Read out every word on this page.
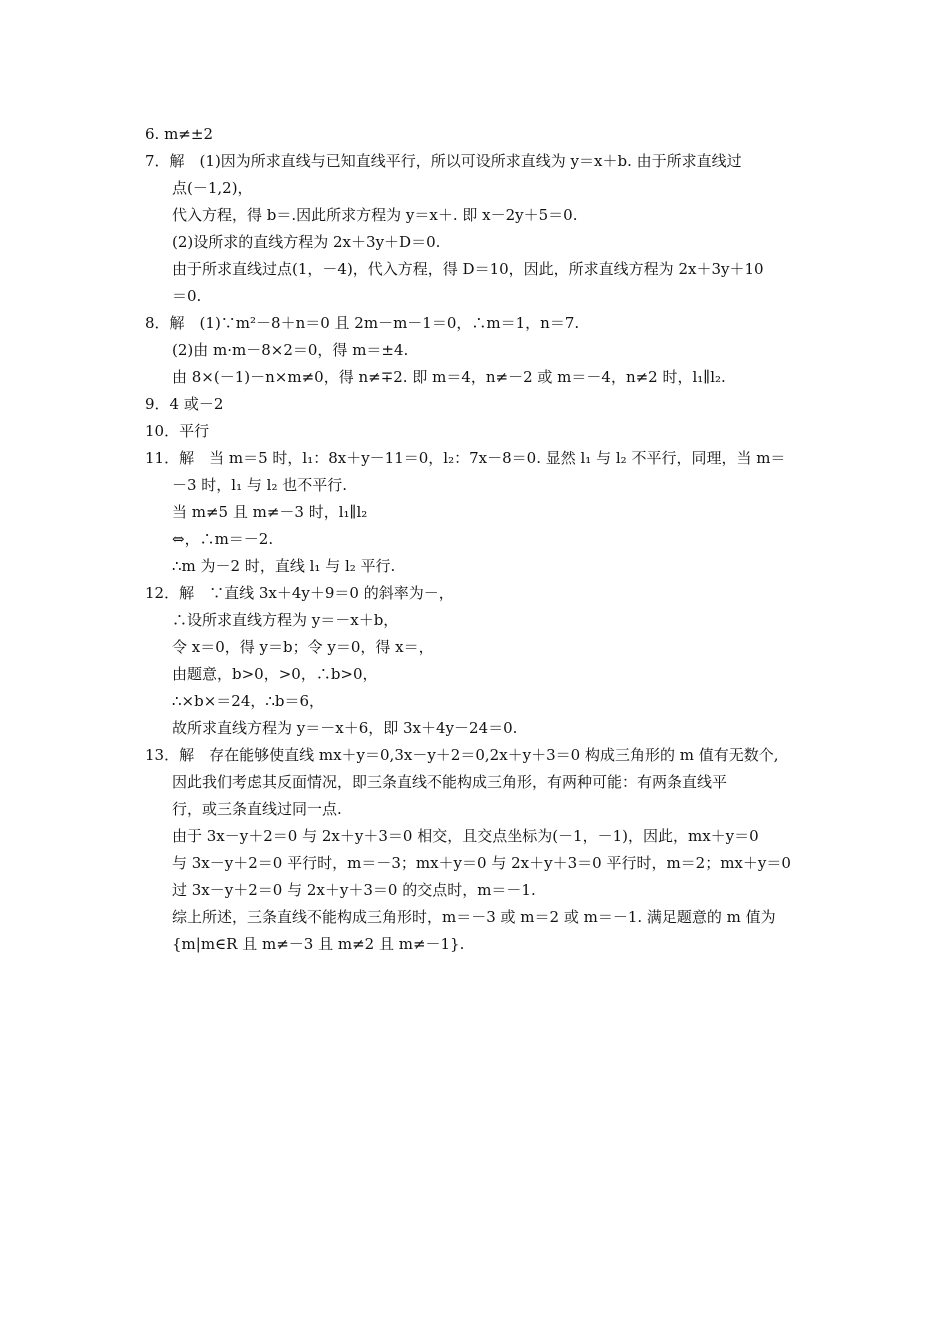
6. m≠±2
7．解　(1)因为所求直线与已知直线平行，所以可设所求直线为 y＝x＋b. 由于所求直线过
点(－1,2)，
代入方程，得 b＝.因此所求方程为 y＝x＋. 即 x－2y＋5＝0.
(2)设所求的直线方程为 2x＋3y＋D＝0.
由于所求直线过点(1，－4)，代入方程，得 D＝10，因此，所求直线方程为 2x＋3y＋10
＝0.
8．解　(1)∵m²－8＋n＝0 且 2m－m－1＝0，∴m＝1，n＝7.
(2)由 m·m－8×2＝0，得 m＝±4.
由 8×(－1)－n×m≠0，得 n≠∓2. 即 m＝4，n≠－2 或 m＝－4，n≠2 时，l₁∥l₂.
9．4 或－2
10．平行
11．解　当 m＝5 时，l₁：8x＋y－11＝0，l₂：7x－8＝0. 显然 l₁ 与 l₂ 不平行，同理，当 m＝
－3 时，l₁ 与 l₂ 也不平行.
当 m≠5 且 m≠－3 时，l₁∥l₂
⇔，∴m＝－2.
∴m 为－2 时，直线 l₁ 与 l₂ 平行.
12．解　∵直线 3x＋4y＋9＝0 的斜率为－，
∴设所求直线方程为 y＝－x＋b，
令 x＝0，得 y＝b；令 y＝0，得 x＝，
由题意，b>0，>0，∴b>0，
∴×b×＝24，∴b＝6，
故所求直线方程为 y＝－x＋6，即 3x＋4y－24＝0.
13．解　存在能够使直线 mx＋y＝0,3x－y＋2＝0,2x＋y＋3＝0 构成三角形的 m 值有无数个,
因此我们考虑其反面情况，即三条直线不能构成三角形，有两种可能：有两条直线平
行，或三条直线过同一点.
由于 3x－y＋2＝0 与 2x＋y＋3＝0 相交，且交点坐标为(－1，－1)，因此，mx＋y＝0
与 3x－y＋2＝0 平行时，m＝－3；mx＋y＝0 与 2x＋y＋3＝0 平行时，m＝2；mx＋y＝0
过 3x－y＋2＝0 与 2x＋y＋3＝0 的交点时，m＝－1.
综上所述，三条直线不能构成三角形时，m＝－3 或 m＝2 或 m＝－1. 满足题意的 m 值为
{m|m∈R 且 m≠－3 且 m≠2 且 m≠－1}.
